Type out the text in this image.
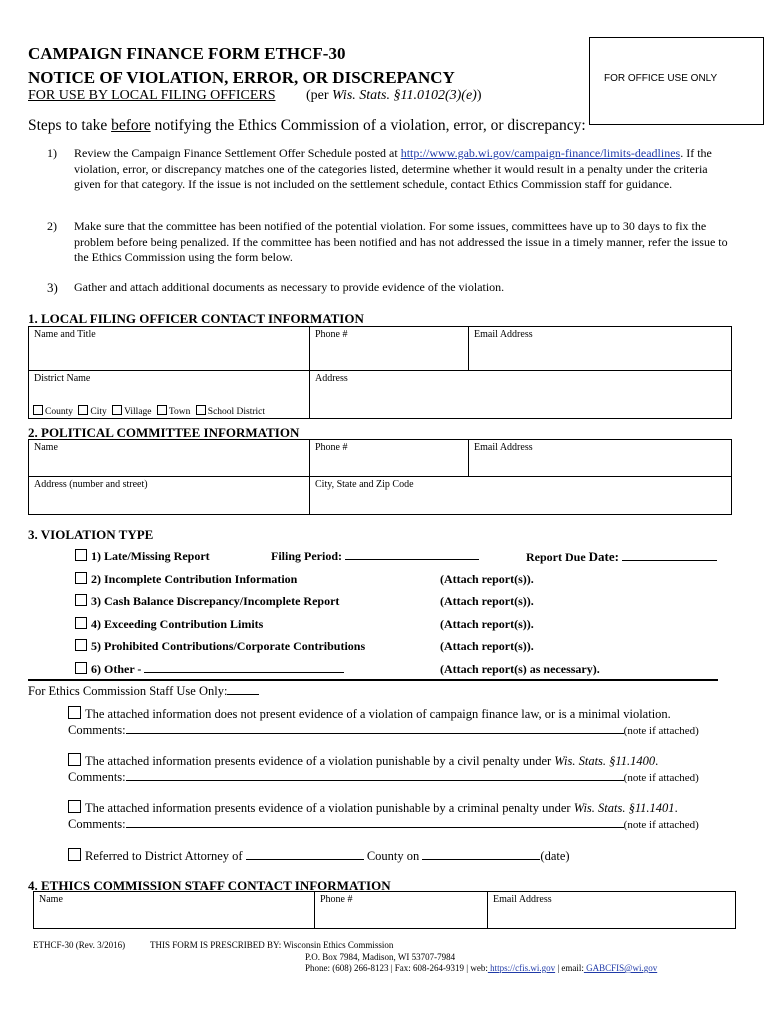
CAMPAIGN FINANCE FORM ETHCF-30
NOTICE OF VIOLATION, ERROR, OR DISCREPANCY
FOR USE BY LOCAL FILING OFFICERS (per Wis. Stats. §11.0102(3)(e))
FOR OFFICE USE ONLY
Steps to take before notifying the Ethics Commission of a violation, error, or discrepancy:
1)	Review the Campaign Finance Settlement Offer Schedule posted at http://www.gab.wi.gov/campaign-finance/limits-deadlines. If the violation, error, or discrepancy matches one of the categories listed, determine whether it would result in a penalty under the criteria given for that category. If the issue is not included on the settlement schedule, contact Ethics Commission staff for guidance.
2)	Make sure that the committee has been notified of the potential violation. For some issues, committees have up to 30 days to fix the problem before being penalized. If the committee has been notified and has not addressed the issue in a timely manner, refer the issue to the Ethics Commission using the form below.
3)	Gather and attach additional documents as necessary to provide evidence of the violation.
1. LOCAL FILING OFFICER CONTACT INFORMATION
Name and Title	Phone #	Email Address
District Name
County City Village Town School District	Address	
2. POLITICAL COMMITTEE INFORMATION
Name	Phone #	Email Address
Address (number and street)	City, State and Zip Code	
3. VIOLATION TYPE
1) Late/Missing Report	Filing Period:	Report Due Date:
2) Incomplete Contribution Information	(Attach report(s)).
3) Cash Balance Discrepancy/Incomplete Report	(Attach report(s)).
4) Exceeding Contribution Limits	(Attach report(s)).
5) Prohibited Contributions/Corporate Contributions	(Attach report(s)).
6) Other -	(Attach report(s) as necessary).
For Ethics Commission Staff Use Only:
The attached information does not present evidence of a violation of campaign finance law, or is a minimal violation.
Comments:	(note if attached)
The attached information presents evidence of a violation punishable by a civil penalty under Wis. Stats. §11.1400.
Comments:	(note if attached)
The attached information presents evidence of a violation punishable by a criminal penalty under Wis. Stats. §11.1401.
Comments:	(note if attached)
Referred to District Attorney of	County on	(date)
4. ETHICS COMMISSION STAFF CONTACT INFORMATION
Name	Phone #	Email Address
ETHCF-30 (Rev. 3/2016)	THIS FORM IS PRESCRIBED BY: Wisconsin Ethics Commission
P.O. Box 7984, Madison, WI 53707-7984
Phone: (608) 266-8123 | Fax: 608-264-9319 | web: https://cfis.wi.gov | email: GABCFIS@wi.gov
